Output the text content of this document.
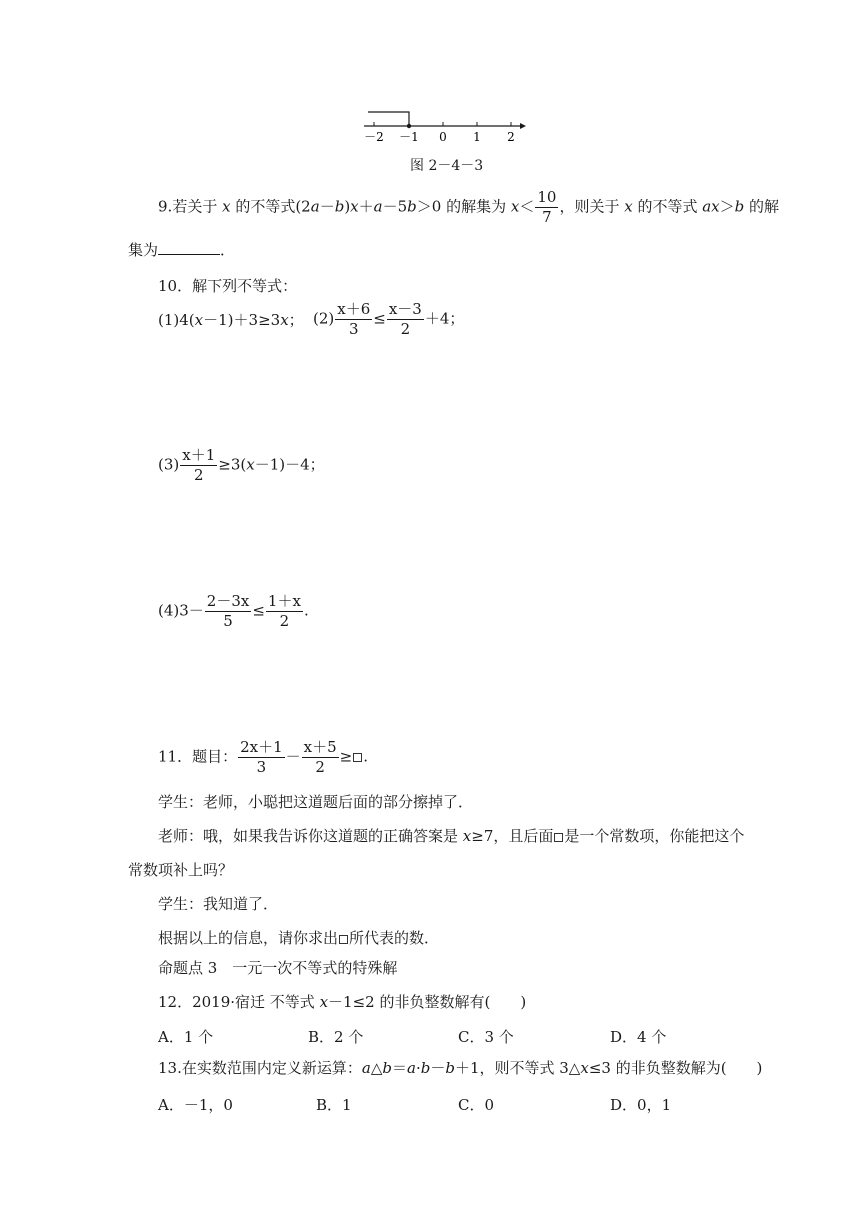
－2 －1 0 1 2
图 2－4－3
9.若关于 x 的不等式(2a－b)x＋a－5b＞0 的解集为 $x< \frac{10}{7}$ ，则关于 x 的不等式 ax＞b 的解
集为	．
10．解下列不等式：
(1)4(x－1)＋3≥3x； $(2) \frac{x+6}{3} \le \frac{x-3}{2} +4$；
$(3) \frac{x+1}{2} \ge 3(x-1)-4$；
$(4)3- \frac{2-3x}{5} \le \frac{1+x}{2}$ .
11．题目： $\frac{2x+1}{3} - \frac{x+5}{2}$ ≥ .
学生：老师，小聪把这道题后面的部分擦掉了．
老师：哦，如果我告诉你这道题的正确答案是 x≥7，且后面 是一个常数项，你能把这个
常数项补上吗？
学生：我知道了．
根据以上的信息，请你求出 所代表的数．
命题点 3　一元一次不等式的特殊解
12．2019·宿迁 不等式 x－1≤2 的非负整数解有(　　)
A．1 个	B．2 个	C．3 个	D．4 个
13.在实数范围内定义新运算：a△b＝a·b－b＋1，则不等式 3△x≤3 的非负整数解为(　　)
A．－1，0	B．1	C．0	D．0，1
